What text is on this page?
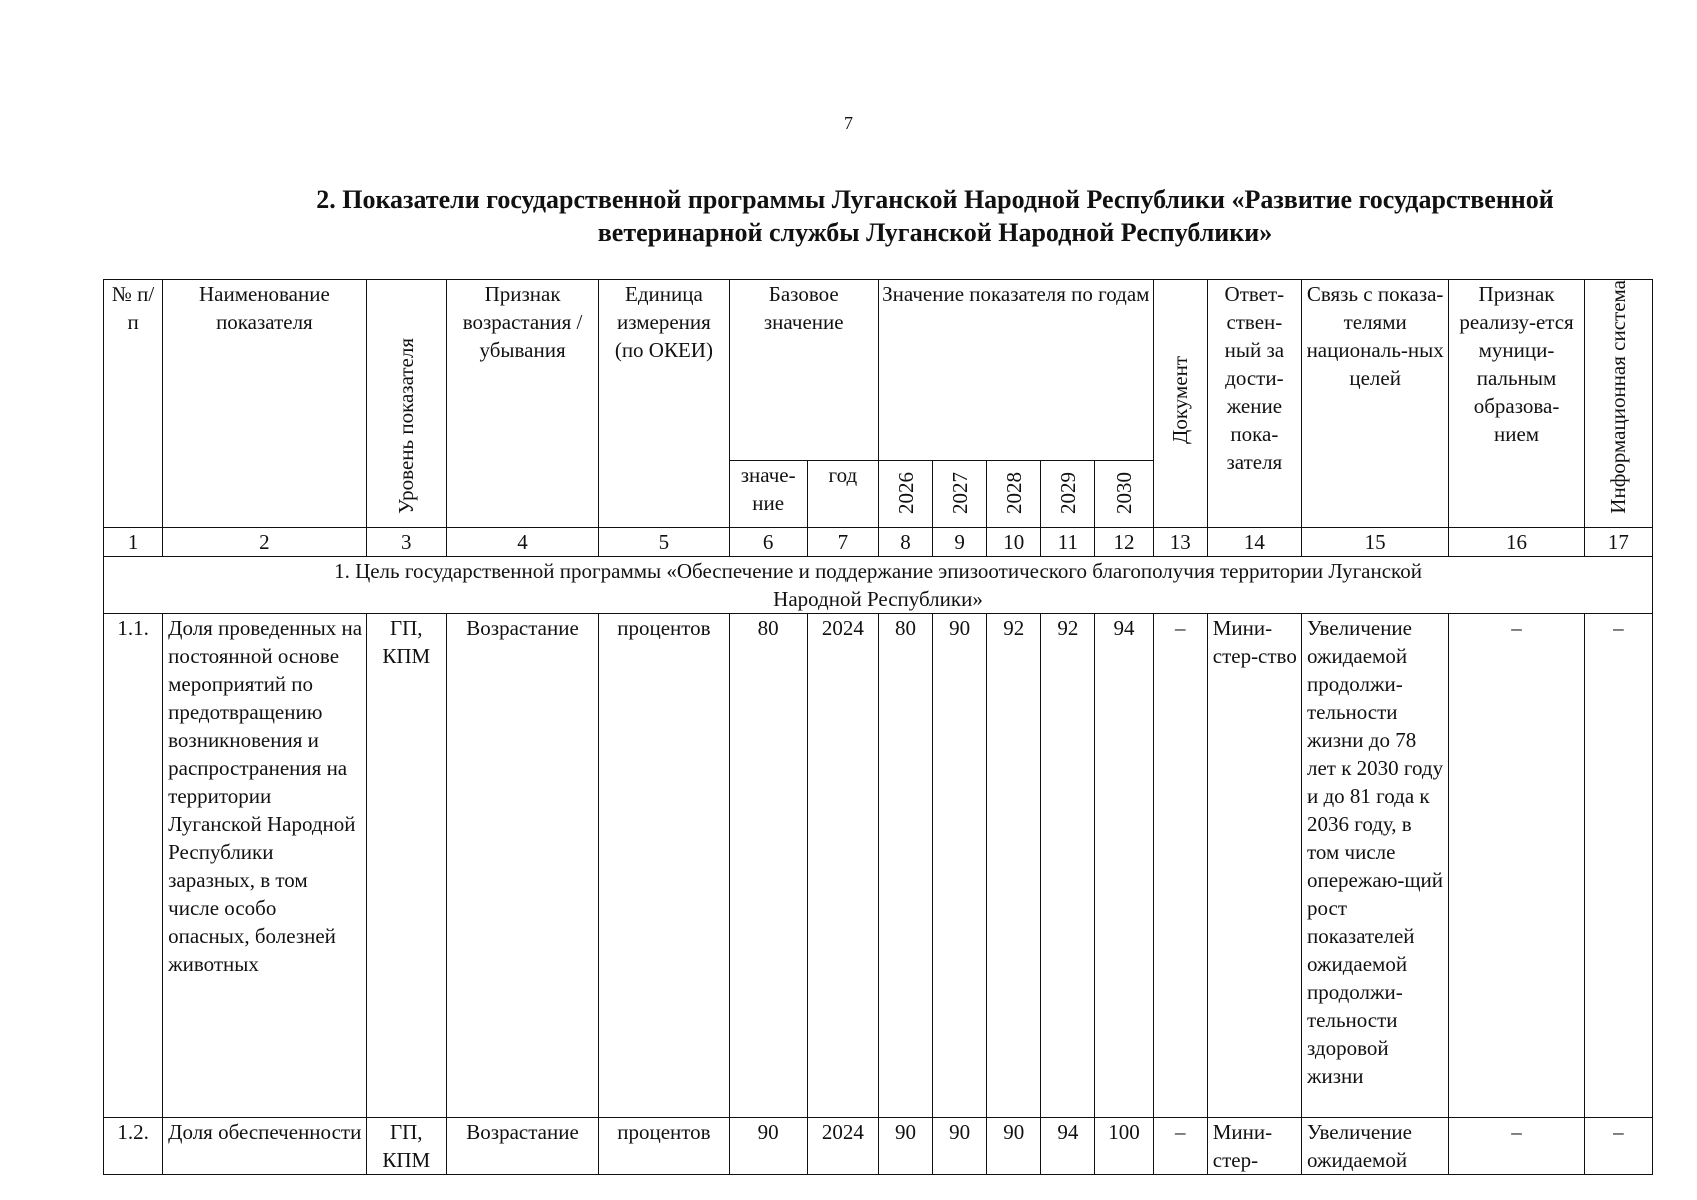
7
2. Показатели государственной программы Луганской Народной Республики «Развитие государственной
ветеринарной службы Луганской Народной Республики»
№ п/п	Наименование показателя	Уровень показателя	Признак возрастания / убывания	Единица измерения (по ОКЕИ)	Базовое значение		Значение показателя по годам					Документ	Ответ-ствен-ный за дости-жение пока-зателя	Связь с показа-телями националь-ных целей	Признак реализу-ется муници-пальным образова-нием	Информационная система
					значе-ние	год	2026	2027	2028	2029	2030					
1	2	3	4	5	6	7	8	9	10	11	12	13	14	15	16	17
1. Цель государственной программы «Обеспечение и поддержание эпизоотического благополучия территории Луганской Народной Республики»																
1.1.	Доля проведенных на постоянной основе мероприятий по предотвращению возникновения и распространения на территории Луганской Народной Республики заразных, в том числе особо опасных, болезней животных	ГП, КПМ	Возрастание	процентов	80	2024	80	90	92	92	94	–	Мини-стер-ство	Увеличение ожидаемой продолжи-тельности жизни до 78 лет к 2030 году и до 81 года к 2036 году, в том числе опережаю-щий рост показателей ожидаемой продолжи-тельности здоровой жизни	–	–
1.2.	Доля обеспеченности	ГП, КПМ	Возрастание	процентов	90	2024	90	90	90	94	100	–	Мини-стер-	Увеличение ожидаемой	–	–
